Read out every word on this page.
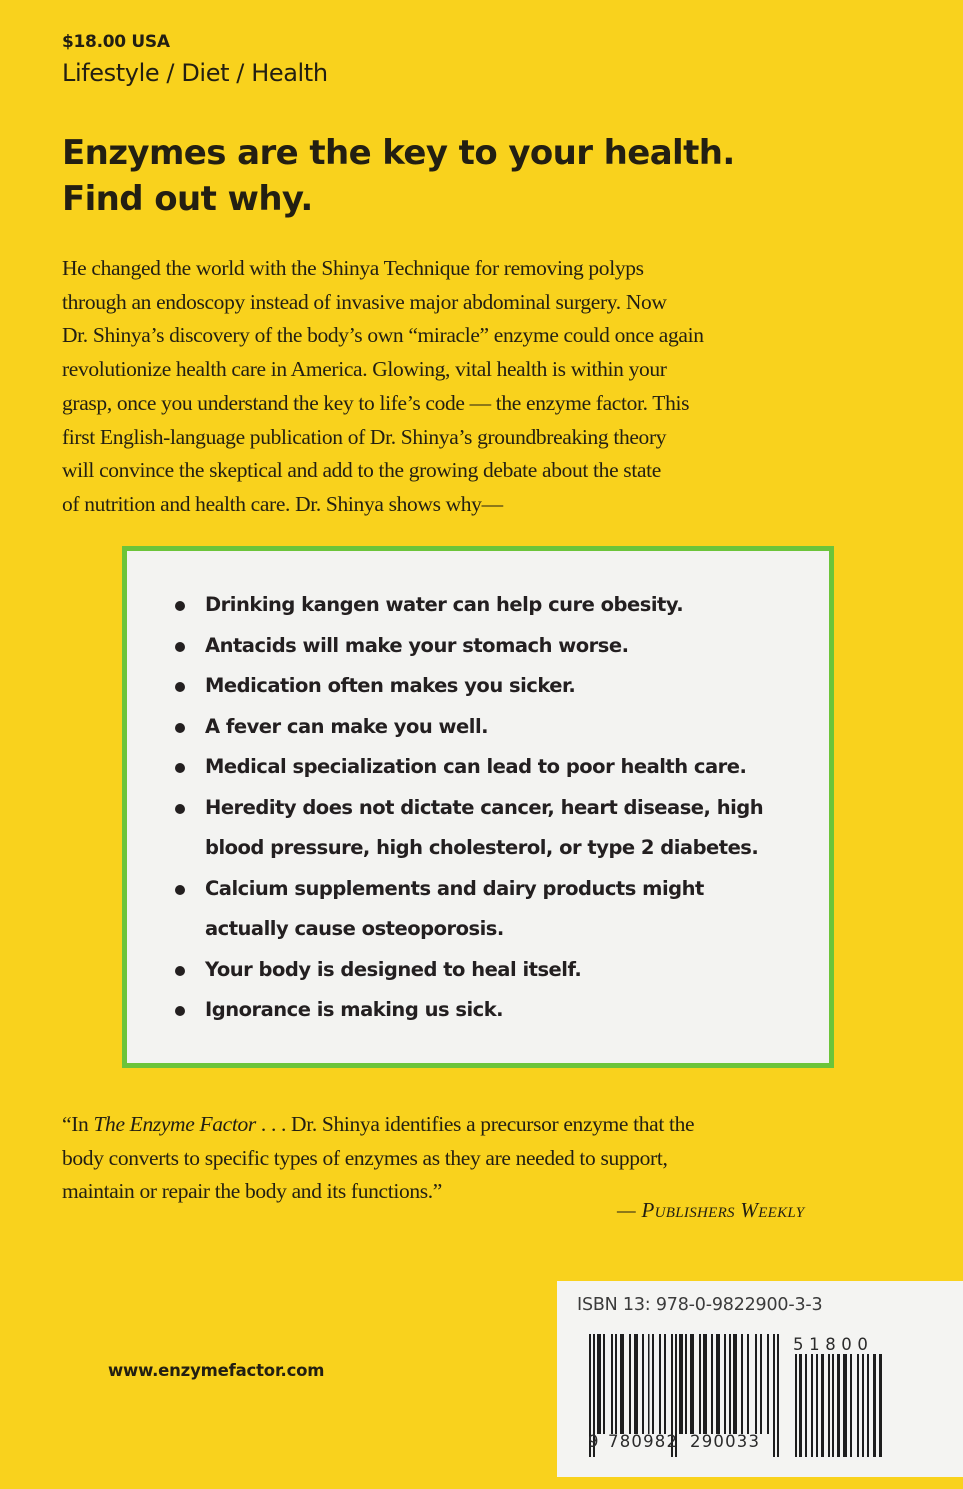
$18.00 USA
Lifestyle / Diet / Health
Enzymes are the key to your health.
Find out why.
He changed the world with the Shinya Technique for removing polyps
through an endoscopy instead of invasive major abdominal surgery. Now
Dr. Shinya’s discovery of the body’s own “miracle” enzyme could once again
revolutionize health care in America. Glowing, vital health is within your
grasp, once you understand the key to life’s code — the enzyme factor. This
first English-language publication of Dr. Shinya’s groundbreaking theory
will convince the skeptical and add to the growing debate about the state
of nutrition and health care. Dr. Shinya shows why—
Drinking kangen water can help cure obesity.
Antacids will make your stomach worse.
Medication often makes you sicker.
A fever can make you well.
Medical specialization can lead to poor health care.
Heredity does not dictate cancer, heart disease, high
blood pressure, high cholesterol, or type 2 diabetes.
Calcium supplements and dairy products might
actually cause osteoporosis.
Your body is designed to heal itself.
Ignorance is making us sick.
“In The Enzyme Factor . . . Dr. Shinya identifies a precursor enzyme that the
body converts to specific types of enzymes as they are needed to support,
maintain or repair the body and its functions.”
— Publishers Weekly
www.enzymefactor.com
ISBN 13: 978-0-9822900-3-3
9 780982 290033
51800
